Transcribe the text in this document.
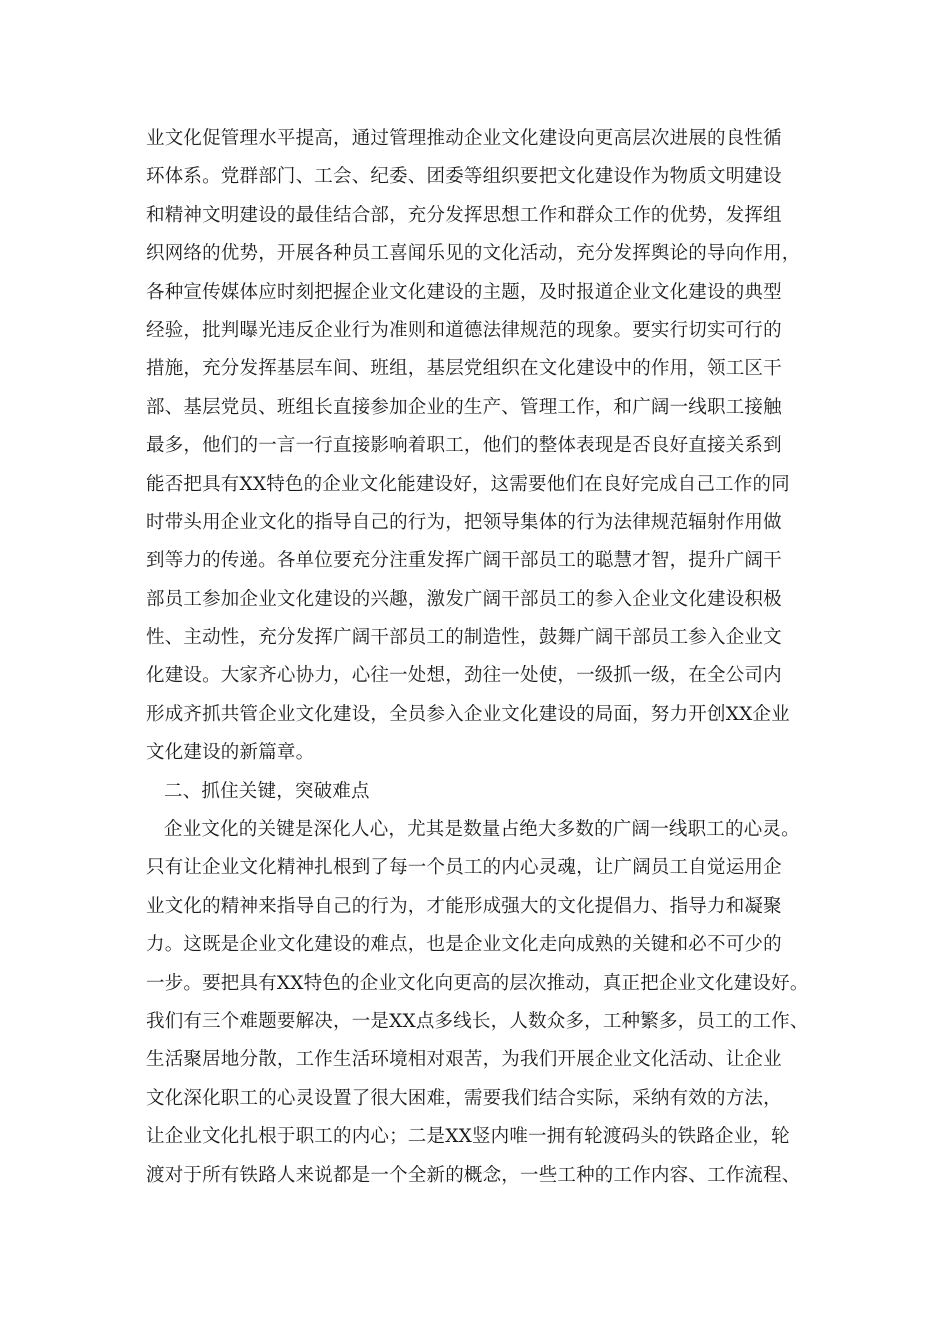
业文化促管理水平提高，通过管理推动企业文化建设向更高层次进展的良性循
环体系。党群部门、工会、纪委、团委等组织要把文化建设作为物质文明建设
和精神文明建设的最佳结合部，充分发挥思想工作和群众工作的优势，发挥组
织网络的优势，开展各种员工喜闻乐见的文化活动，充分发挥舆论的导向作用，
各种宣传媒体应时刻把握企业文化建设的主题，及时报道企业文化建设的典型
经验，批判曝光违反企业行为准则和道德法律规范的现象。要实行切实可行的
措施，充分发挥基层车间、班组，基层党组织在文化建设中的作用，领工区干
部、基层党员、班组长直接参加企业的生产、管理工作，和广阔一线职工接触
最多，他们的一言一行直接影响着职工，他们的整体表现是否良好直接关系到
能否把具有XX特色的企业文化能建设好，这需要他们在良好完成自己工作的同
时带头用企业文化的指导自己的行为，把领导集体的行为法律规范辐射作用做
到等力的传递。各单位要充分注重发挥广阔干部员工的聪慧才智，提升广阔干
部员工参加企业文化建设的兴趣，激发广阔干部员工的参入企业文化建设积极
性、主动性，充分发挥广阔干部员工的制造性，鼓舞广阔干部员工参入企业文
化建设。大家齐心协力，心往一处想，劲往一处使，一级抓一级，在全公司内
形成齐抓共管企业文化建设，全员参入企业文化建设的局面，努力开创XX企业
文化建设的新篇章。
二、抓住关键，突破难点
企业文化的关键是深化人心，尤其是数量占绝大多数的广阔一线职工的心灵。
只有让企业文化精神扎根到了每一个员工的内心灵魂，让广阔员工自觉运用企
业文化的精神来指导自己的行为，才能形成强大的文化提倡力、指导力和凝聚
力。这既是企业文化建设的难点，也是企业文化走向成熟的关键和必不可少的
一步。要把具有XX特色的企业文化向更高的层次推动，真正把企业文化建设好。
我们有三个难题要解决，一是XX点多线长，人数众多，工种繁多，员工的工作、
生活聚居地分散，工作生活环境相对艰苦，为我们开展企业文化活动、让企业
文化深化职工的心灵设置了很大困难，需要我们结合实际，采纳有效的方法，
让企业文化扎根于职工的内心；二是XX竖内唯一拥有轮渡码头的铁路企业，轮
渡对于所有铁路人来说都是一个全新的概念，一些工种的工作内容、工作流程、
